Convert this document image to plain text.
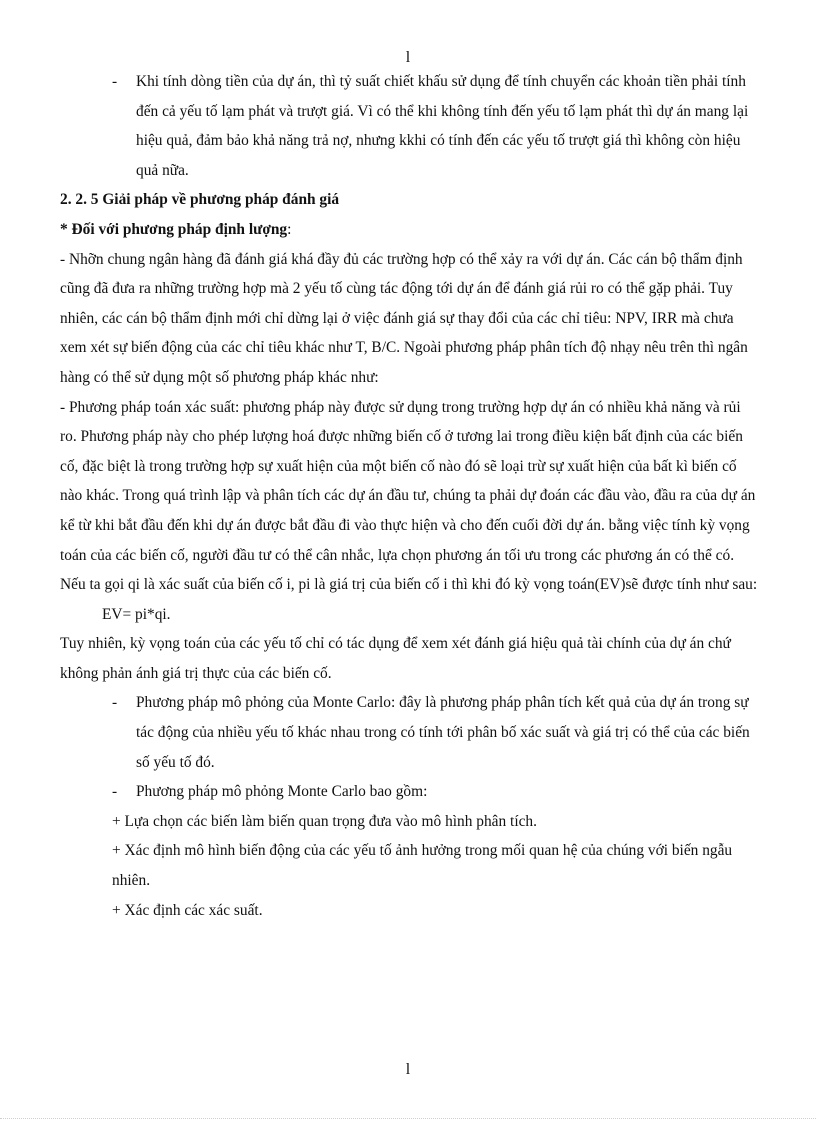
l
-	Khi tính dòng tiền của dự án, thì tỷ suất chiết khấu sử dụng để tính chuyển các khoản tiền phải tính đến cả yếu tố lạm phát và trượt giá. Vì có thể khi không tính đến yếu tố lạm phát thì dự án mang lại hiệu quả, đảm bảo khả năng trả nợ, nhưng kkhi có tính đến các yếu tố trượt giá thì không còn hiệu quả nữa.

2. 2. 5 Giải pháp về phương pháp đánh giá

* Đối với phương pháp định lượng:

- Nhỡn chung ngân hàng đã đánh giá khá đầy đủ các trường hợp có thể xảy ra với dự án. Các cán bộ thẩm định cũng đã đưa ra những trường hợp mà 2 yếu tố cùng tác động tới dự án để đánh giá rủi ro có thể gặp phải. Tuy nhiên, các cán bộ thẩm định mới chỉ dừng lại ở việc đánh giá sự thay đổi của các chỉ tiêu: NPV, IRR mà chưa xem xét sự biến động của các chỉ tiêu khác như T, B/C. Ngoài phương pháp phân tích độ nhạy nêu trên thì ngân hàng có thể sử dụng một số phương pháp khác như:

- Phương pháp toán xác suất: phương pháp này được sử dụng trong trường hợp dự án có nhiều khả năng và rủi ro. Phương pháp này cho phép lượng hoá được những biến cố ở tương lai trong điều kiện bất định của các biến cố, đặc biệt là trong trường hợp sự xuất hiện của một biến cố nào đó sẽ loại trừ sự xuất hiện của bất kì biến cố nào khác. Trong quá trình lập và phân tích các dự án đầu tư, chúng ta phải dự đoán các đầu vào, đầu ra của dự án kể từ khi bắt đầu đến khi dự án được bắt đầu đi vào thực hiện và cho đến cuối đời dự án. bằng việc tính kỳ vọng toán của các biến cố, người đầu tư có thể cân nhắc, lựa chọn phương án tối ưu trong các phương án có thể có. Nếu ta gọi qi là xác suất của biến cố i, pi là giá trị của biến cố i thì khi đó kỳ vọng toán(EV)sẽ được tính như sau:

EV= pi*qi.

Tuy nhiên, kỳ vọng toán của các yếu tố chỉ có tác dụng để xem xét đánh giá hiệu quả tài chính của dự án chứ không phản ánh giá trị thực của các biến cố.

-	Phương pháp mô phỏng của Monte Carlo: đây là phương pháp phân tích kết quả của dự án trong sự tác động của nhiều yếu tố khác nhau trong có tính tới phân bố xác suất và giá trị có thể của các biến số yếu tố đó.
-	Phương pháp mô phỏng Monte Carlo bao gồm:

+ Lựa chọn các biến làm biến quan trọng đưa vào mô hình phân tích.

+ Xác định mô hình biến động của các yếu tố ảnh hưởng trong mối quan hệ của chúng với biến ngẫu nhiên.

+ Xác định các xác suất.

l
